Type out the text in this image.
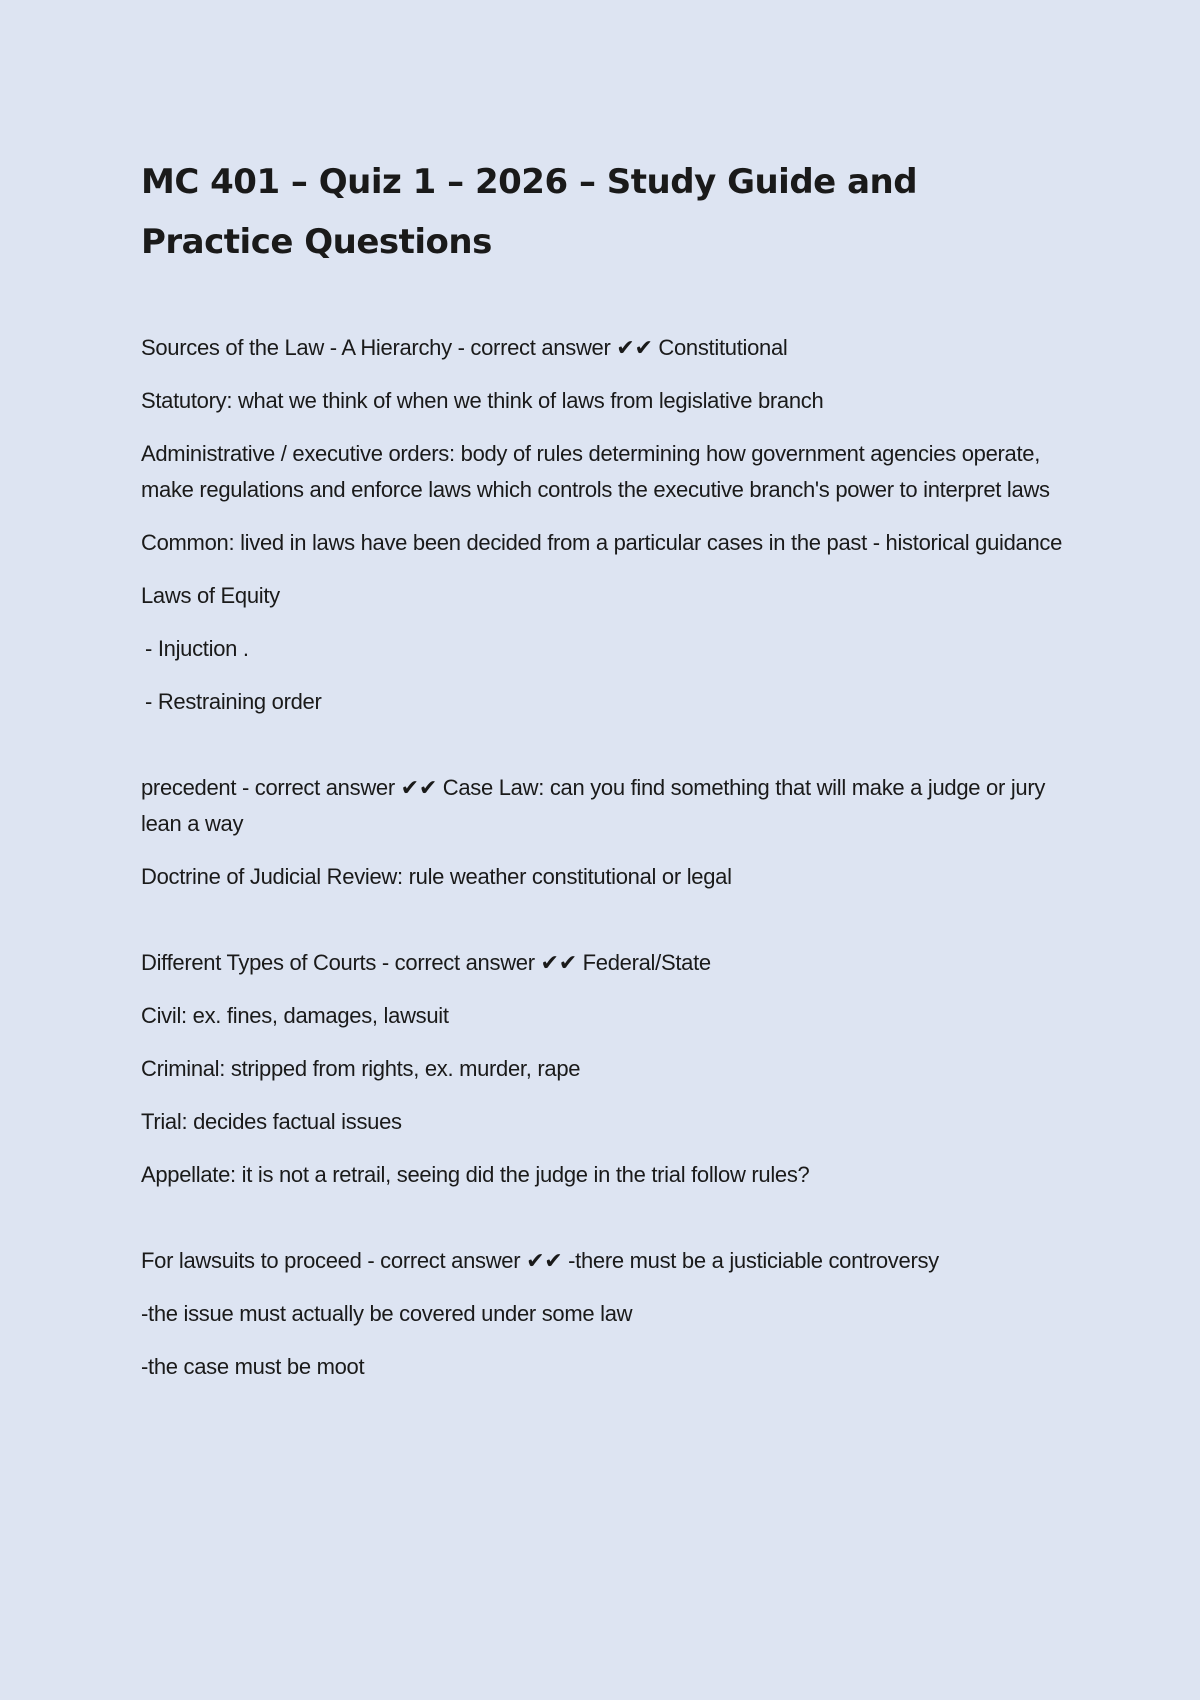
MC 401 – Quiz 1 – 2026 – Study Guide and Practice Questions

Sources of the Law - A Hierarchy - correct answer ✔✔ Constitutional

Statutory: what we think of when we think of laws from legislative branch

Administrative / executive orders: body of rules determining how government agencies operate, make regulations and enforce laws which controls the executive branch's power to interpret laws

Common: lived in laws have been decided from a particular cases in the past - historical guidance

Laws of Equity

- Injuction .

- Restraining order

precedent - correct answer ✔✔ Case Law: can you find something that will make a judge or jury lean a way

Doctrine of Judicial Review: rule weather constitutional or legal

Different Types of Courts - correct answer ✔✔ Federal/State

Civil: ex. fines, damages, lawsuit

Criminal: stripped from rights, ex. murder, rape

Trial: decides factual issues

Appellate: it is not a retrail, seeing did the judge in the trial follow rules?

For lawsuits to proceed - correct answer ✔✔ -there must be a justiciable controversy

-the issue must actually be covered under some law

-the case must be moot
